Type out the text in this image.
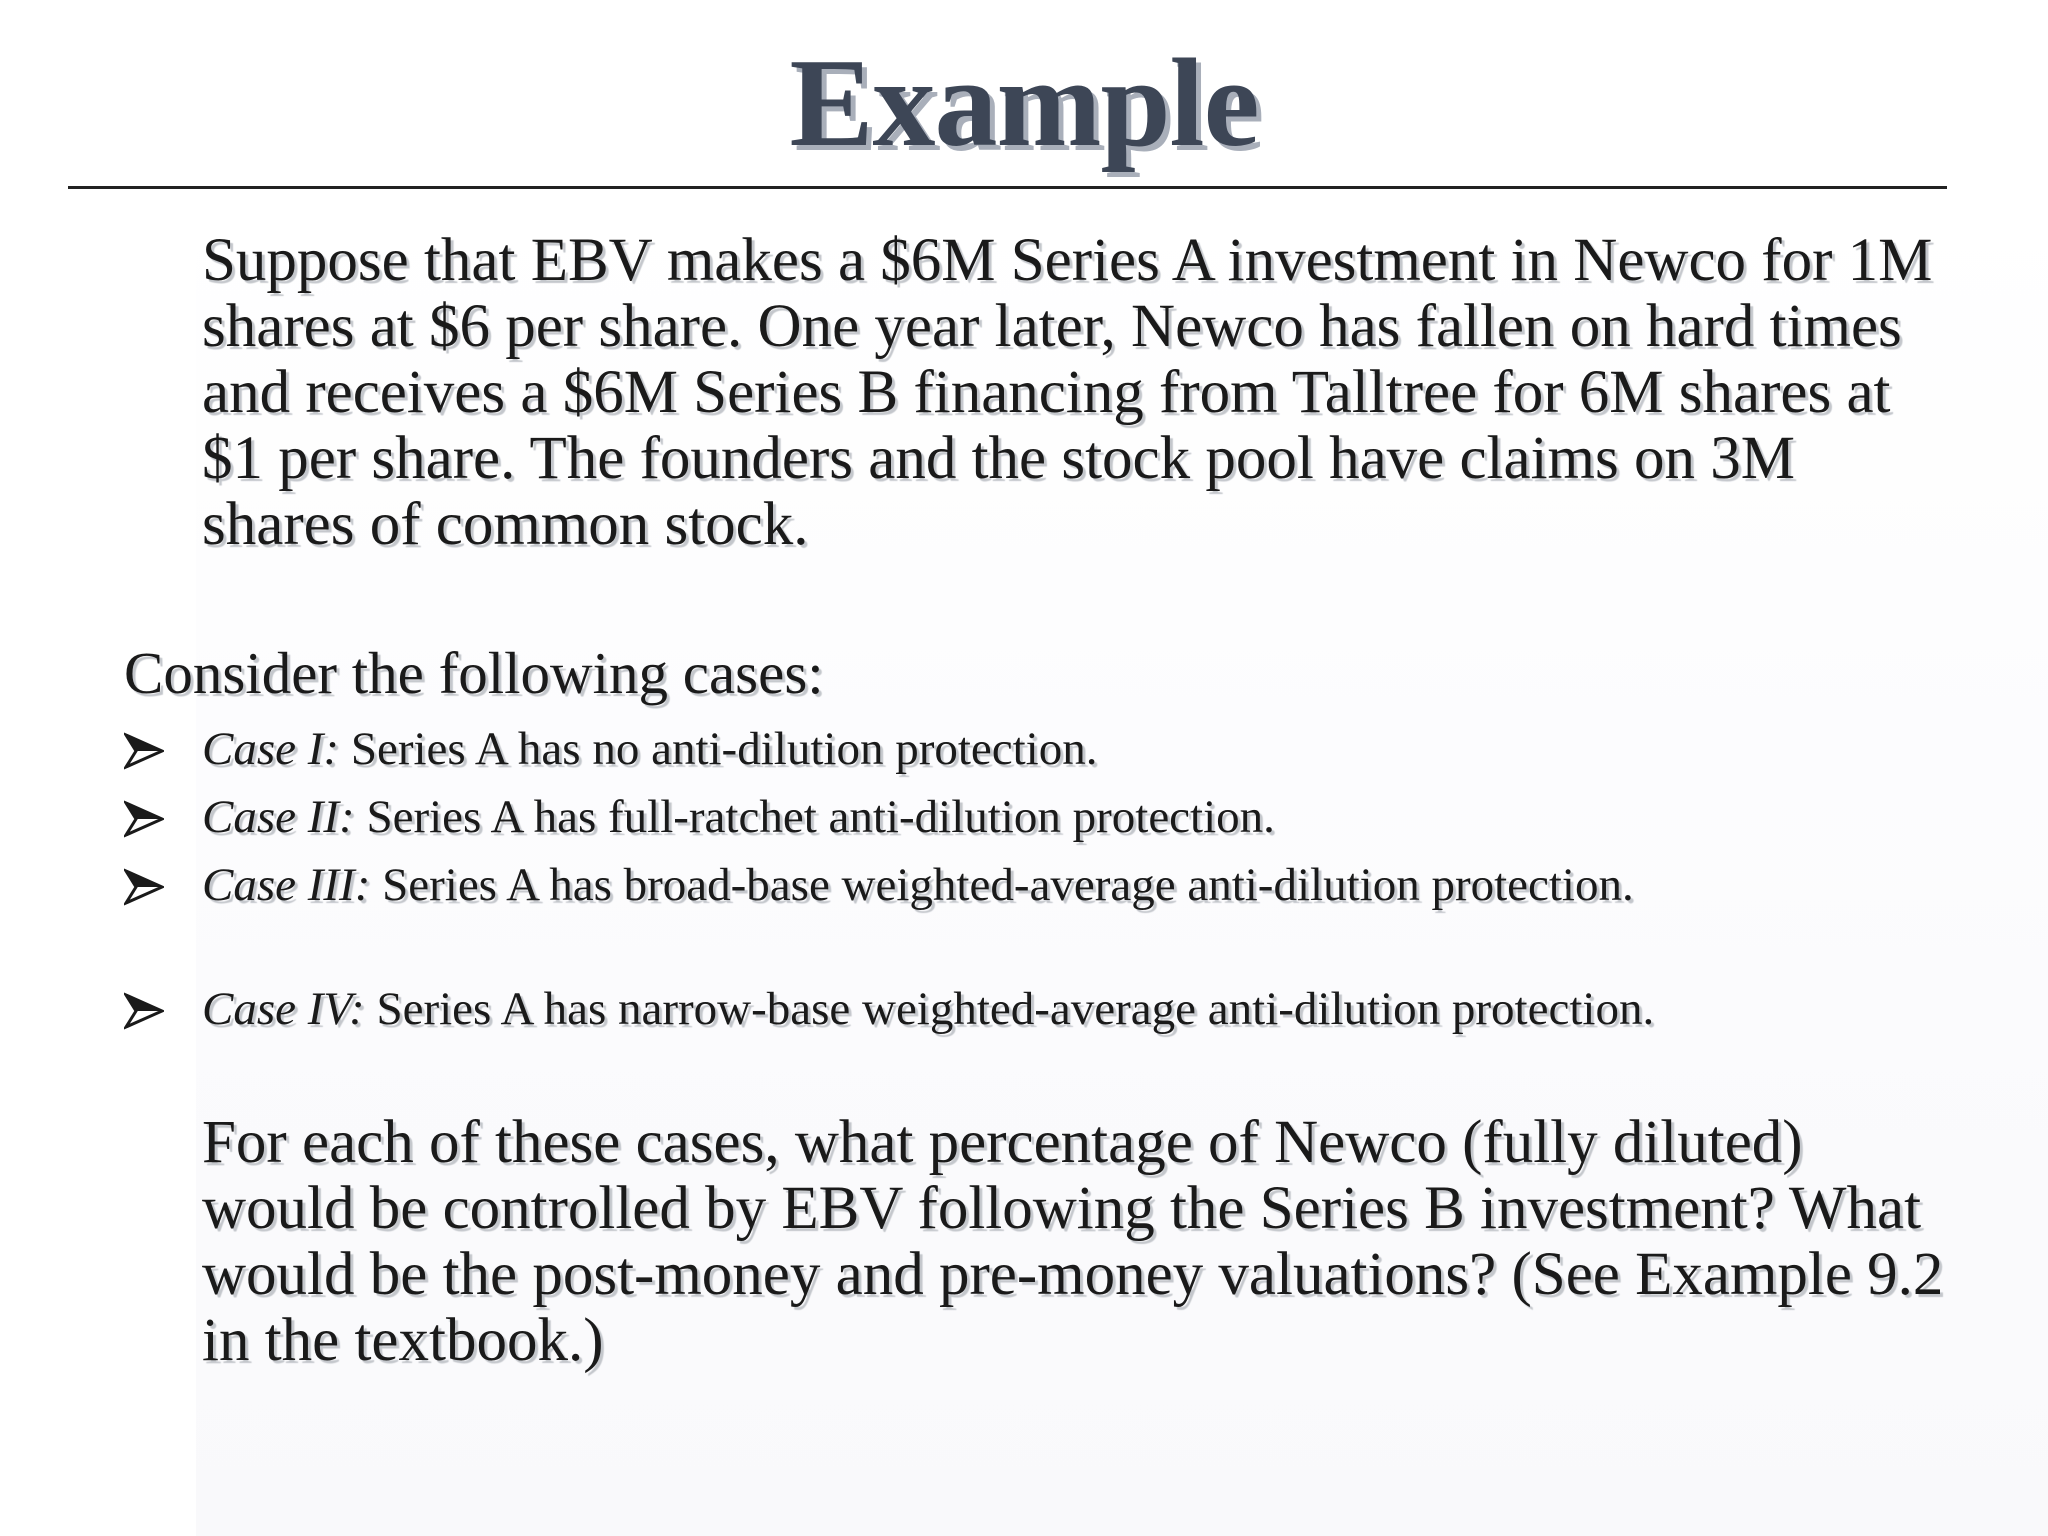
Example

Suppose that EBV makes a $6M Series A investment in Newco for 1M shares at $6 per share. One year later, Newco has fallen on hard times and receives a $6M Series B financing from Talltree for 6M shares at $1 per share. The founders and the stock pool have claims on 3M shares of common stock.

Consider the following cases:

Case I: Series A has no anti-dilution protection.
Case II: Series A has full-ratchet anti-dilution protection.
Case III: Series A has broad-base weighted-average anti-dilution protection.
Case IV: Series A has narrow-base weighted-average anti-dilution protection.

For each of these cases, what percentage of Newco (fully diluted) would be controlled by EBV following the Series B investment? What would be the post-money and pre-money valuations? (See Example 9.2 in the textbook.)
